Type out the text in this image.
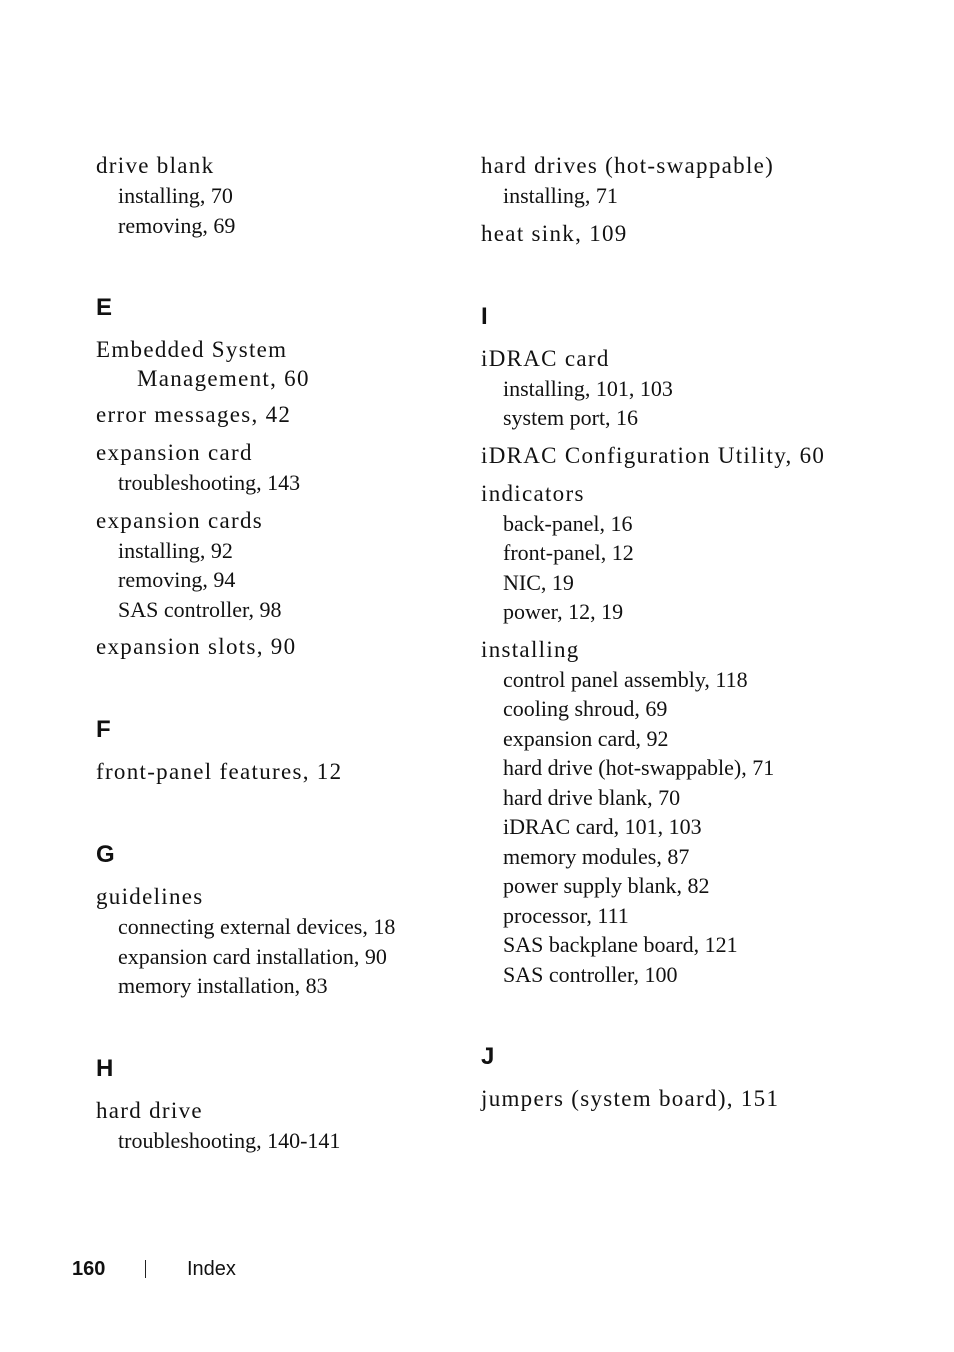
drive blank
installing, 70
removing, 69
E
Embedded System
Management, 60
error messages, 42
expansion card
troubleshooting, 143
expansion cards
installing, 92
removing, 94
SAS controller, 98
expansion slots, 90
F
front-panel features, 12
G
guidelines
connecting external devices, 18
expansion card installation, 90
memory installation, 83
H
hard drive
troubleshooting, 140-141
hard drives (hot-swappable)
installing, 71
heat sink, 109
I
iDRAC card
installing, 101, 103
system port, 16
iDRAC Configuration Utility, 60
indicators
back-panel, 16
front-panel, 12
NIC, 19
power, 12, 19
installing
control panel assembly, 118
cooling shroud, 69
expansion card, 92
hard drive (hot-swappable), 71
hard drive blank, 70
iDRAC card, 101, 103
memory modules, 87
power supply blank, 82
processor, 111
SAS backplane board, 121
SAS controller, 100
J
jumpers (system board), 151
160	Index
